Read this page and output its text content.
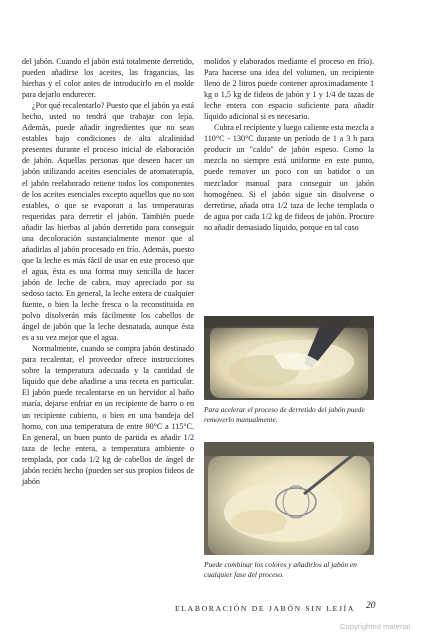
del jabón. Cuando el jabón está totalmente derretido, pueden añadirse los aceites, las fragancias, las hierbas y el color antes de introducirlo en el molde para dejarlo endurecer.

¿Por qué recalentarlo? Puesto que el jabón ya está hecho, usted no tendrá que trabajar con lejía. Además, puede añadir ingredientes que no sean estables bajo condiciones de alta alcalinidad presentes durante el proceso inicial de elaboración de jabón. Aquellas personas que deseen hacer un jabón utilizando aceites esenciales de aromaterapia, el jabón reelaborado retiene todos los componentes de los aceites esenciales excepto aquellos que no son estables, o que se evaporan a las temperaturas requeridas para derretir el jabón. También puede añadir las hierbas al jabón derretido para conseguir una decoloración sustancialmente menor que al añadirlas al jabón procesado en frío. Además, puesto que la leche es más fácil de usar en este proceso que el agua, ésta es una forma muy sencilla de hacer jabón de leche de cabra, muy apreciado por su sedoso tacto. En general, la leche entera de cualquier fuente, o bien la leche fresca o la reconstituida en polvo disolverán más fácilmente los cabellos de ángel de jabón que la leche desnatada, aunque ésta es a su vez mejor que el agua.

Normalmente, cuando se compra jabón destinado para recalentar, el proveedor ofrece instrucciones sobre la temperatura adecuada y la cantidad de líquido que debe añadirse a una receta en particular. El jabón puede recalentarse en un hervidor al baño maría, dejarse enfriar en un recipiente de barro o en un recipiente cubierto, o bien en una bandeja del horno, con una temperatura de entre 90°C a 115°C. En general, un buen punto de partida es añadir 1/2 taza de leche entera, a temperatura ambiente o templada, por cada 1/2 kg de cabellos de ángel de jabón recién hecho (pueden ser sus propios fideos de jabón

molidos y elaborados mediante el proceso en frío). Para hacerse una idea del volumen, un recipiente lleno de 2 litros puede contener aproximadamente 1 kg o 1,5 kg de fideos de jabón y 1 y 1/4 de tazas de leche entera con espacio suficiente para añadir líquido adicional si es necesario.

Cubra el recipiente y luego caliente esta mezcla a 110°C - 130°C durante un período de 1 a 3 h para producir un "caldo" de jabón espeso. Como la mezcla no siempre está uniforme en este punto, puede remover un poco con un batidor o un mezclador manual para conseguir un jabón homogéneo. Si el jabón sigue sin disolverse o derretirse, añada otra 1/2 taza de leche templada o de agua por cada 1/2 kg de fideos de jabón. Procure no añadir demasiado líquido, porque en tal caso

Para acelerar el proceso de derretido del jabón puede removerlo manualmente.
Puede combinar los colores y añadirlos al jabón en cualquier fase del proceso.
ELABORACIÓN DE JABÓN SIN LEJÍA	20
Copyrighted material
